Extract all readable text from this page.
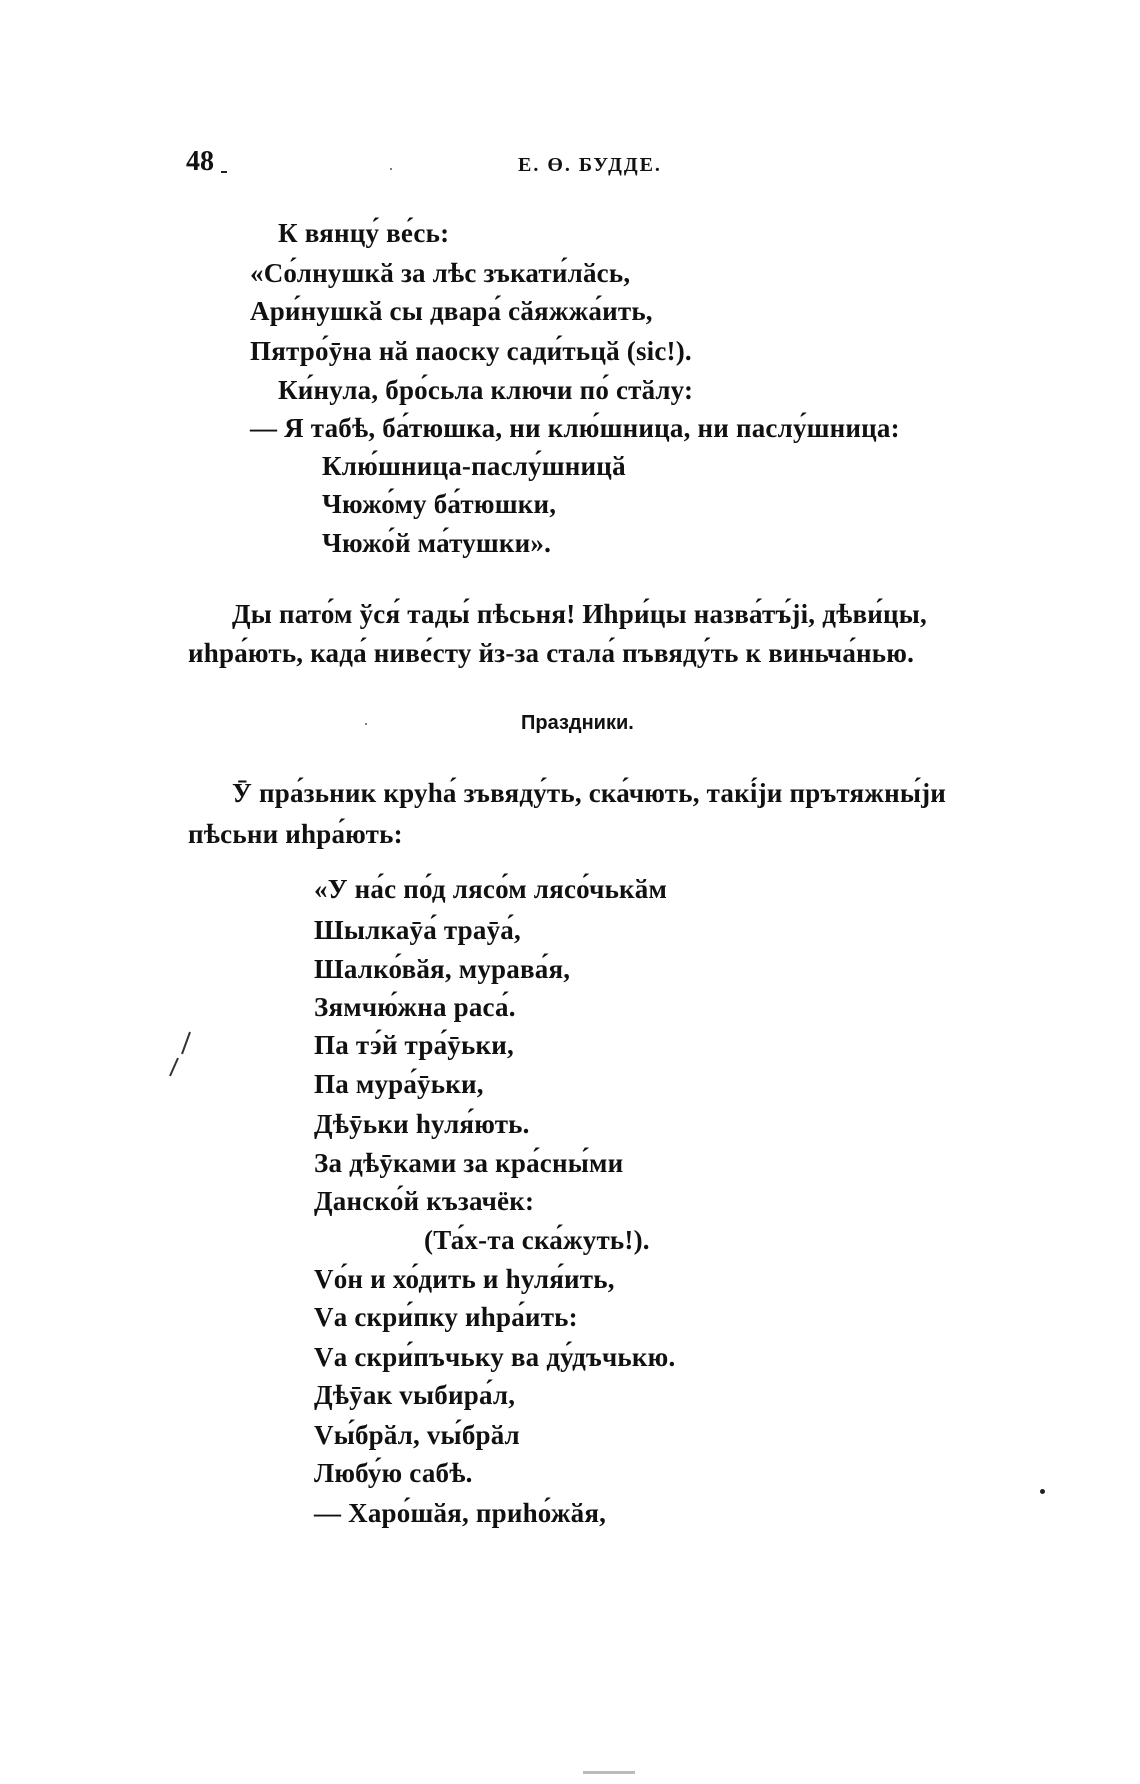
48	Е. Ө. БУДДЕ.
К вянцу́ ве́сь:
«Со́лнушкӑ за лѣс зъкати́лӑсь,
Ари́нушкӑ сы двара́ сӑяжжа́ить,
Пятро́ӯна нӑ паоску сади́тьцӑ (sic!).
Ки́нула, бро́сьла ключи по́ стӑлу:
— Я табѣ, ба́тюшка, ни клю́шница, ни паслу́шница:
Клю́шница-паслу́шницӑ
Чюжо́му ба́тюшки,
Чюжо́й ма́тушки».
Ды пато́м ўся́ тады́ пѣсьня! Иһри́цы назва́тъ́јі, дѣви́цы,
иһра́ють, када́ ниве́сту йз-за стала́ пъвяду́ть к виньча́нью.
Праздники.
Ӯ пра́зьник круһа́ зъвяду́ть, ска́чють, такі́ји прътяжны́ји
пѣсьни иһра́ють:
«У на́с по́д лясо́м лясо́чькӑм
Шылкаӯа́ траӯа́,
Шалко́вӑя, мурава́я,
Зямчю́жна раса́.
Па тэ́й тра́ӯьки,
Па мура́ӯьки,
Дѣӯьки һуля́ють.
За дѣӯками за кра́сны́ми
Данско́й къзачёк:
(Та́х-та ска́жуть!).
Vо́н и хо́дить и һуля́ить,
Vа скри́пку иһра́ить:
Vа скри́пъчьку ва ду́дъчькю.
Дѣӯак vыбира́л,
Vы́брӑл, vы́брӑл
Любу́ю сабѣ.
— Харо́шӑя, приһо́жӑя,
